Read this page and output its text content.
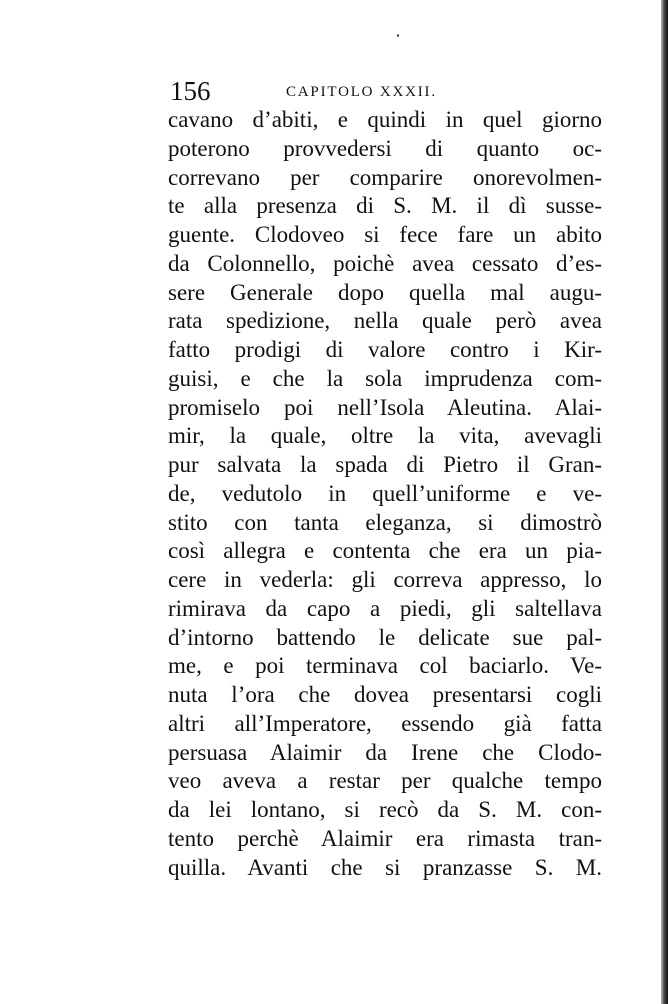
156	CAPITOLO XXXII.
cavano d’abiti, e quindi in quel giorno
poterono provvedersi di quanto oc-
correvano per comparire onorevolmen-
te alla presenza di S. M. il dì susse-
guente. Clodoveo si fece fare un abito
da Colonnello, poichè avea cessato d’es-
sere Generale dopo quella mal augu-
rata spedizione, nella quale però avea
fatto prodigi di valore contro i Kir-
guisi, e che la sola imprudenza com-
promiselo poi nell’Isola Aleutina. Alai-
mir, la quale, oltre la vita, avevagli
pur salvata la spada di Pietro il Gran-
de, vedutolo in quell’uniforme e ve-
stito con tanta eleganza, si dimostrò
così allegra e contenta che era un pia-
cere in vederla: gli correva appresso, lo
rimirava da capo a piedi, gli saltellava
d’intorno battendo le delicate sue pal-
me, e poi terminava col baciarlo. Ve-
nuta l’ora che dovea presentarsi cogli
altri all’Imperatore, essendo già fatta
persuasa Alaimir da Irene che Clodo-
veo aveva a restar per qualche tempo
da lei lontano, si recò da S. M. con-
tento perchè Alaimir era rimasta tran-
quilla. Avanti che si pranzasse S. M.
